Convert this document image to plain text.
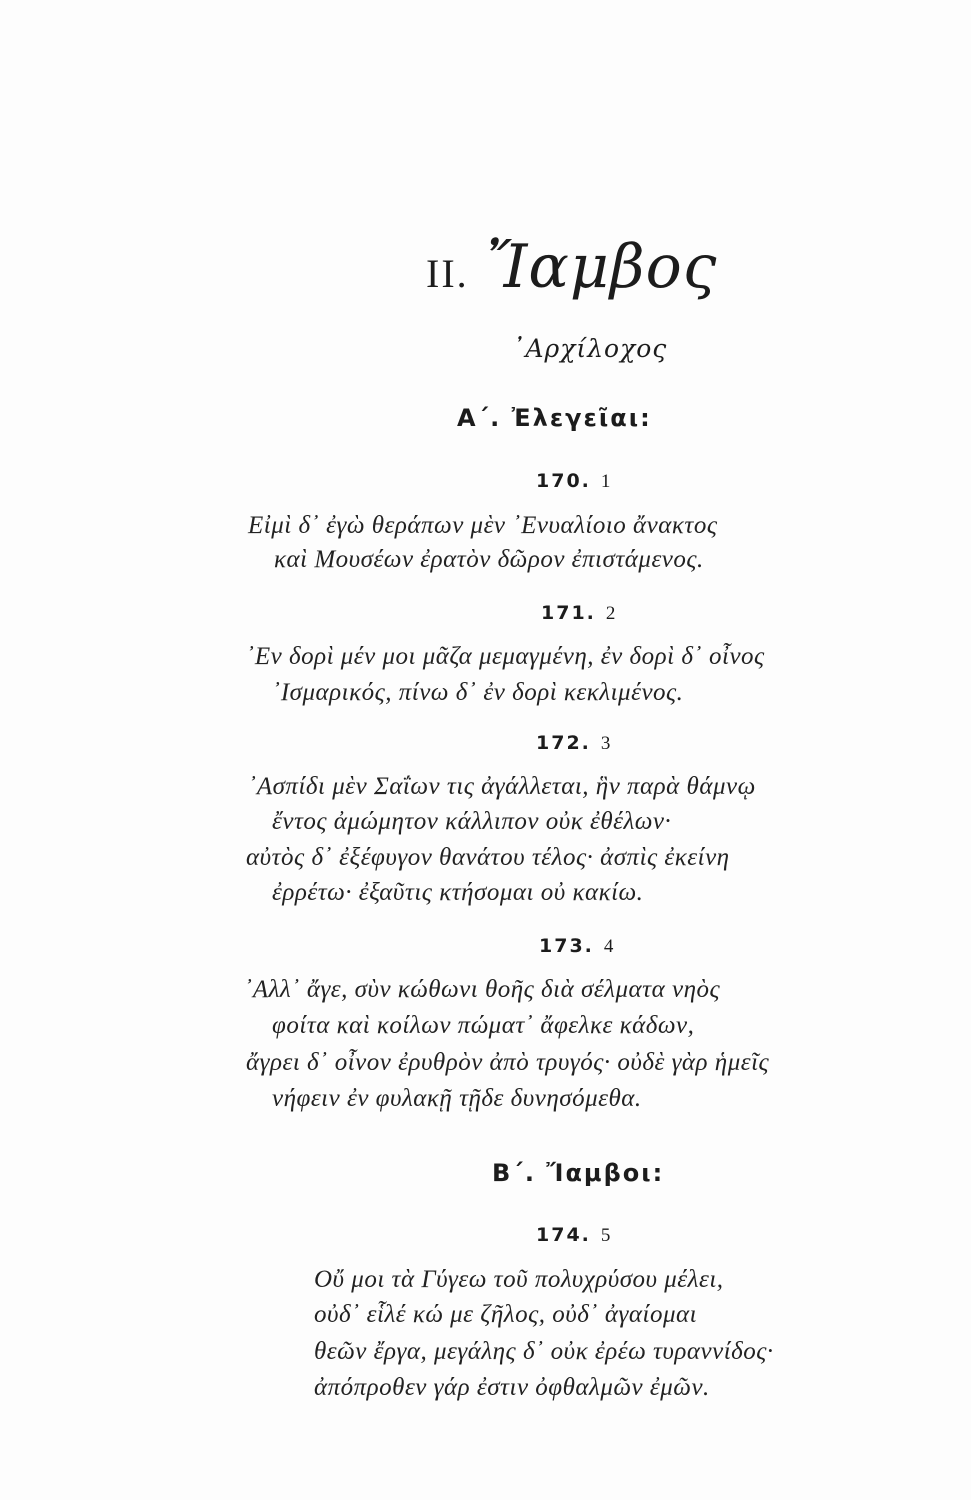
II. Ἴαμβος
᾿Αρχίλοχος
Α΄. Ἐλεγεῖαι:
170. 1
Εἰμὶ δ᾿ ἐγὼ θεράπων μὲν ᾿Ενυαλίοιο ἄνακτος
καὶ Μουσέων ἐρατὸν δῶρον ἐπιστάμενος.
171. 2
᾿Εν δορὶ μέν μοι μᾶζα μεμαγμένη, ἐν δορὶ δ᾿ οἶνος
᾿Ισμαρικός, πίνω δ᾿ ἐν δορὶ κεκλιμένος.
172. 3
᾿Ασπίδι μὲν Σαΐων τις ἀγάλλεται, ἣν παρὰ θάμνῳ
ἔντος ἀμώμητον κάλλιπον οὐκ ἐθέλων·
αὐτὸς δ᾿ ἐξέφυγον θανάτου τέλος· ἀσπὶς ἐκείνη
ἐρρέτω· ἐξαῦτις κτήσομαι οὐ κακίω.
173. 4
᾿Αλλ᾿ ἄγε, σὺν κώθωνι θοῆς διὰ σέλματα νηὸς
φοίτα καὶ κοίλων πώματ᾿ ἄφελκε κάδων,
ἄγρει δ᾿ οἶνον ἐρυθρὸν ἀπὸ τρυγός· οὐδὲ γὰρ ἡμεῖς
νήφειν ἐν φυλακῇ τῇδε δυνησόμεθα.
Β΄. Ἴαμβοι:
174. 5
Οὔ μοι τὰ Γύγεω τοῦ πολυχρύσου μέλει,
οὐδ᾿ εἷλέ κώ με ζῆλος, οὐδ᾿ ἀγαίομαι
θεῶν ἔργα, μεγάλης δ᾿ οὐκ ἐρέω τυραννίδος·
ἀπόπροθεν γάρ ἐστιν ὀφθαλμῶν ἐμῶν.
